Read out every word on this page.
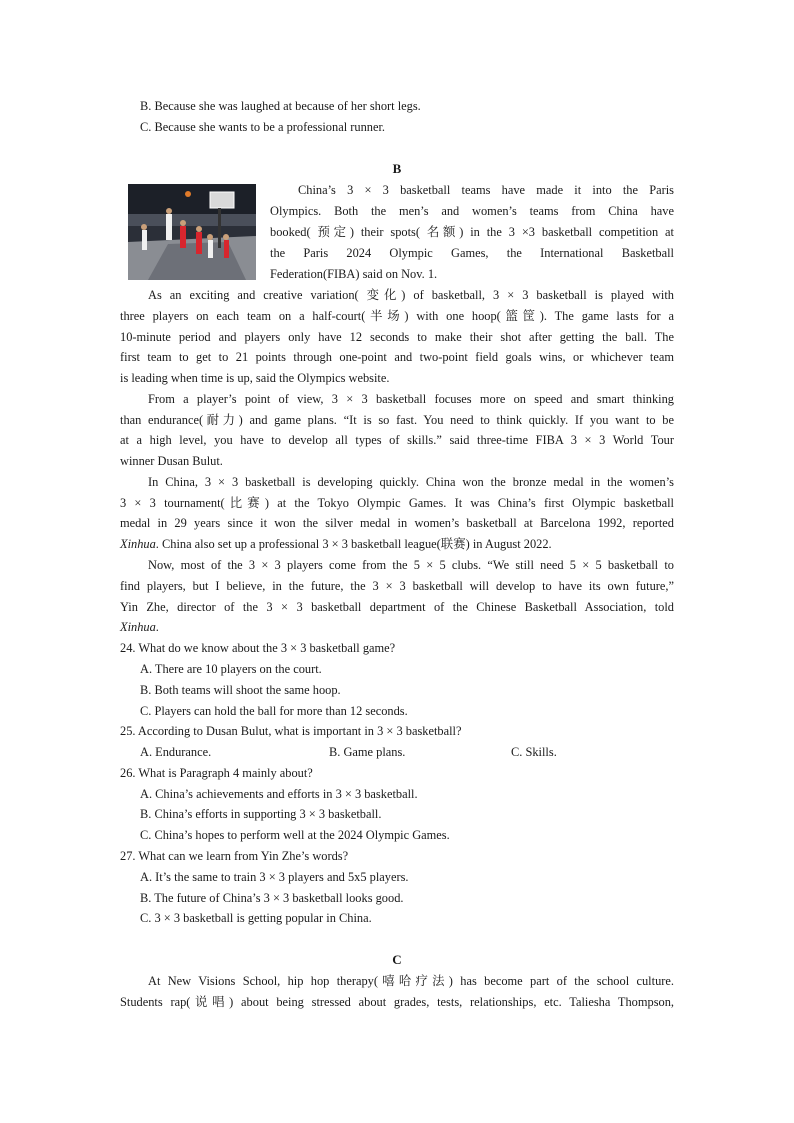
B. Because she was laughed at because of her short legs.
C. Because she wants to be a professional runner.
B
China’s 3 × 3 basketball teams have made it into the Paris
Olympics. Both the men’s and women’s teams from China have
booked( 预定) their spots( 名额) in the 3 ×3 basketball competition at
the Paris 2024 Olympic Games, the International Basketball
Federation(FIBA) said on Nov. 1.
As an exciting and creative variation( 变化) of basketball, 3 × 3 basketball is played with
three players on each team on a half-court(半场) with one hoop(篮筐). The game lasts for a
10-minute period and players only have 12 seconds to make their shot after getting the ball. The
first team to get to 21 points through one-point and two-point field goals wins, or whichever team
is leading when time is up, said the Olympics website.
From a player’s point of view, 3 × 3 basketball focuses more on speed and smart thinking
than endurance(耐力) and game plans. “It is so fast. You need to think quickly. If you want to be
at a high level, you have to develop all types of skills.” said three-time FIBA 3 × 3 World Tour
winner Dusan Bulut.
In China, 3 × 3 basketball is developing quickly. China won the bronze medal in the women’s
3 × 3 tournament(比赛) at the Tokyo Olympic Games. It was China’s first Olympic basketball
medal in 29 years since it won the silver medal in women’s basketball at Barcelona 1992, reported
Xinhua. China also set up a professional 3 × 3 basketball league(联赛) in August 2022.
Now, most of the 3 × 3 players come from the 5 × 5 clubs. “We still need 5 × 5 basketball to
find players, but I believe, in the future, the 3 × 3 basketball will develop to have its own future,”
Yin Zhe, director of the 3 × 3 basketball department of the Chinese Basketball Association, told
Xinhua.
24. What do we know about the 3 × 3 basketball game?
A. There are 10 players on the court.
B. Both teams will shoot the same hoop.
C. Players can hold the ball for more than 12 seconds.
25. According to Dusan Bulut, what is important in 3 × 3 basketball?
A. Endurance.	B. Game plans.	C. Skills.
26. What is Paragraph 4 mainly about?
A. China’s achievements and efforts in 3 × 3 basketball.
B. China’s efforts in supporting 3 × 3 basketball.
C. China’s hopes to perform well at the 2024 Olympic Games.
27. What can we learn from Yin Zhe’s words?
A. It’s the same to train 3 × 3 players and 5x5 players.
B. The future of China’s 3 × 3 basketball looks good.
C. 3 × 3 basketball is getting popular in China.
C
At New Visions School, hip hop therapy(嘻哈疗法) has become part of the school culture.
Students rap(说唱) about being stressed about grades, tests, relationships, etc. Taliesha Thompson,
